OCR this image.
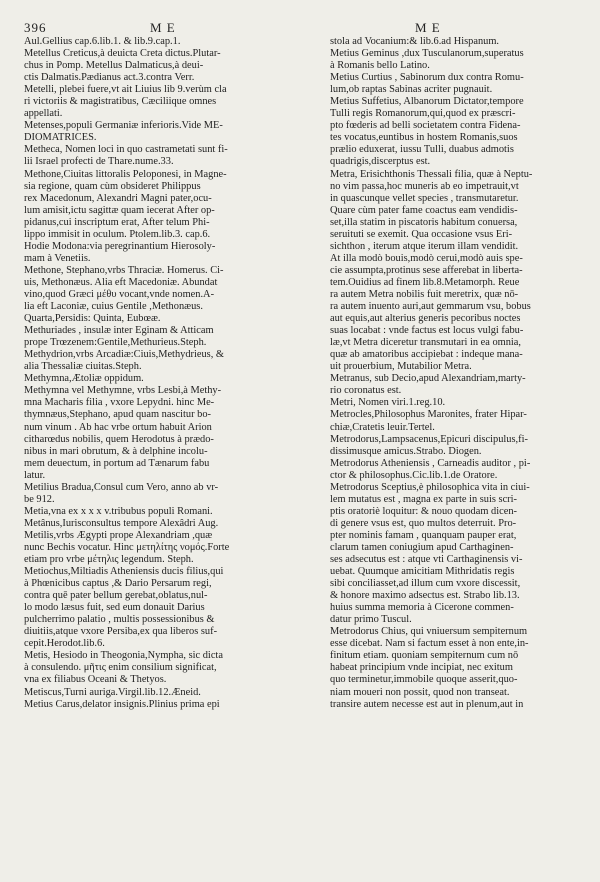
396	M E	M E

Aul.Gellius cap.6.lib.1. & lib.9.cap.1.

Metellus Creticus,à deuicta Creta dictus.Plutar-
chus in Pomp. Metellus Dalmaticus,à deui-
ctis Dalmatis.Pædianus act.3.contra Verr.

Metelli, plebei fuere,vt ait Liuius lib 9.verùm cla
ri victoriis & magistratibus, Cæciliique omnes
appellati.

Metenses,populi Germaniæ inferioris.Vide ME-
DIOMATRICES.

Metheca, Nomen loci in quo castrametati sunt fi-
lii Israel profecti de Thare.nume.33.

Methone,Ciuitas littoralis Peloponesi, in Magne-
sia regione, quam cùm obsideret Philippus
rex Macedonum, Alexandri Magni pater,ocu-
lum amisit,ictu sagittæ quam iecerat After op-
pidanus,cui inscriptum erat, After telum Phi-
lippo immisit in oculum. Ptolem.lib.3. cap.6.
Hodie Modona:via peregrinantium Hierosoly-
mam à Venetiis.

Methone, Stephano,vrbs Thraciæ. Homerus. Ci-
uis, Methonæus. Alia eft Macedoniæ. Abundat
vino,quod Græci μέθυ vocant,vnde nomen.A-
lia eft Laconiæ, cuius Gentile ,Methonæus.
Quarta,Persidis: Quinta, Eubœæ.

Methuriades , insulæ inter Eginam & Atticam
prope Trœzenem:Gentile,Methurieus.Steph.

Methydrion,vrbs Arcadiæ:Ciuis,Methydrieus, &
alia Thessaliæ ciuitas.Steph.

Methymna,Ætoliæ oppidum.

Methymna vel Methymne, vrbs Lesbi,à Methy-
mna Macharis filia , vxore Lepydni. hinc Me-
thymnæus,Stephano, apud quam nascitur bo-
num vinum . Ab hac vrbe ortum habuit Arion
citharœdus nobilis, quem Herodotus à prædo-
nibus in mari obrutum, & à delphine incolu-
mem deuectum, in portum ad Tænarum fabu
latur.

Metilius Bradua,Consul cum Vero, anno ab vr-
be 912.

Metia,vna ex x x x v.tribubus populi Romani.

Metânus,Iurisconsultus tempore Alexâdri Aug.

Metilis,vrbs Ægypti prope Alexandriam ,quæ
nunc Bechis vocatur. Hinc μετηλίτης νομός.Forte
etiam pro vrbe μέτηλις legendum. Steph.

Metiochus,Miltiadis Atheniensis ducis filius,qui
à Phœnicibus captus ,& Dario Persarum regi,
contra quē pater bellum gerebat,oblatus,nul-
lo modo læsus fuit, sed eum donauit Darius
pulcherrimo palatio , multis possessionibus &
diuitiis,atque vxore Persiba,ex qua liberos suf-
cepit.Herodot.lib.6.

Metis, Hesiodo in Theogonia,Nympha, sic dicta
à consulendo. μῆτις enim consilium significat,
vna ex filiabus Oceani & Thetyos.

Metiscus,Turni auriga.Virgil.lib.12.Æneid.

Metius Carus,delator insignis.Plinius prima epi

stola ad Vocanium:& lib.6.ad Hispanum.

Metius Geminus ,dux Tusculanorum,superatus
à Romanis bello Latino.

Metius Curtius , Sabinorum dux contra Romu-
lum,ob raptas Sabinas acriter pugnauit.

Metius Suffetius, Albanorum Dictator,tempore
Tulli regis Romanorum,qui,quod ex præscri-
pto fœderis ad belli societatem contra Fidena-
tes vocatus,euntibus in hostem Romanis,suos
prælio eduxerat, iussu Tulli, duabus admotis
quadrigis,discerptus est.

Metra, Erisichthonis Thessali filia, quæ à Neptu-
no vim passa,hoc muneris ab eo impetrauit,vt
in quascunque vellet species , transmutaretur.
Quare cùm pater fame coactus eam vendidis-
set,illa statim in piscatoris habitum conuersa,
seruituti se exemit. Qua occasione vsus Eri-
sichthon , iterum atque iterum illam vendidit.
At illa modò bouis,modò cerui,modò auis spe-
cie assumpta,protinus sese afferebat in liberta-
tem.Ouidius ad finem lib.8.Metamorph. Reue
ra autem Metra nobilis fuit meretrix, quæ nō-
ra autem inuento auri,aut gemmarum vsu, bobus
aut equis,aut alterius generis pecoribus noctes
suas locabat : vnde factus est locus vulgi fabu-
læ,vt Metra diceretur transmutari in ea omnia,
quæ ab amatoribus accipiebat : indeque mana-
uit prouerbium, Mutabilior Metra.

Metranus, sub Decio,apud Alexandriam,marty-
rio coronatus est.

Metri, Nomen viri.1.reg.10.

Metrocles,Philosophus Maronites, frater Hipar-
chiæ,Cratetis leuir.Tertel.

Metrodorus,Lampsacenus,Epicuri discipulus,fi-
dissimusque amicus.Strabo. Diogen.

Metrodorus Atheniensis , Carneadis auditor , pi-
ctor & philosophus.Cic.lib.1.de Oratore.

Metrodorus Sceptius,è philosophica vita in ciui-
lem mutatus est , magna ex parte in suis scri-
ptis oratoriè loquitur: & nouo quodam dicen-
di genere vsus est, quo multos deterruit. Pro-
pter nominis famam , quanquam pauper erat,
clarum tamen coniugium apud Carthaginen-
ses adsecutus est : atque vti Carthaginensis vi-
uebat. Quumque amicitiam Mithridatis regis
sibi conciliasset,ad illum cum vxore discessit,
& honore maximo adsectus est. Strabo lib.13.
huius summa memoria à Cicerone commen-
datur primo Tuscul.

Metrodorus Chius, qui vniuersum sempiternum
esse dicebat. Nam si factum esset à non ente,in-
finitum etiam. quoniam sempiternum cum nō
habeat principium vnde incipiat, nec exitum
quo terminetur,immobile quoque asserit,quo-
niam moueri non possit, quod non transeat.
transire autem necesse est aut in plenum,aut in
